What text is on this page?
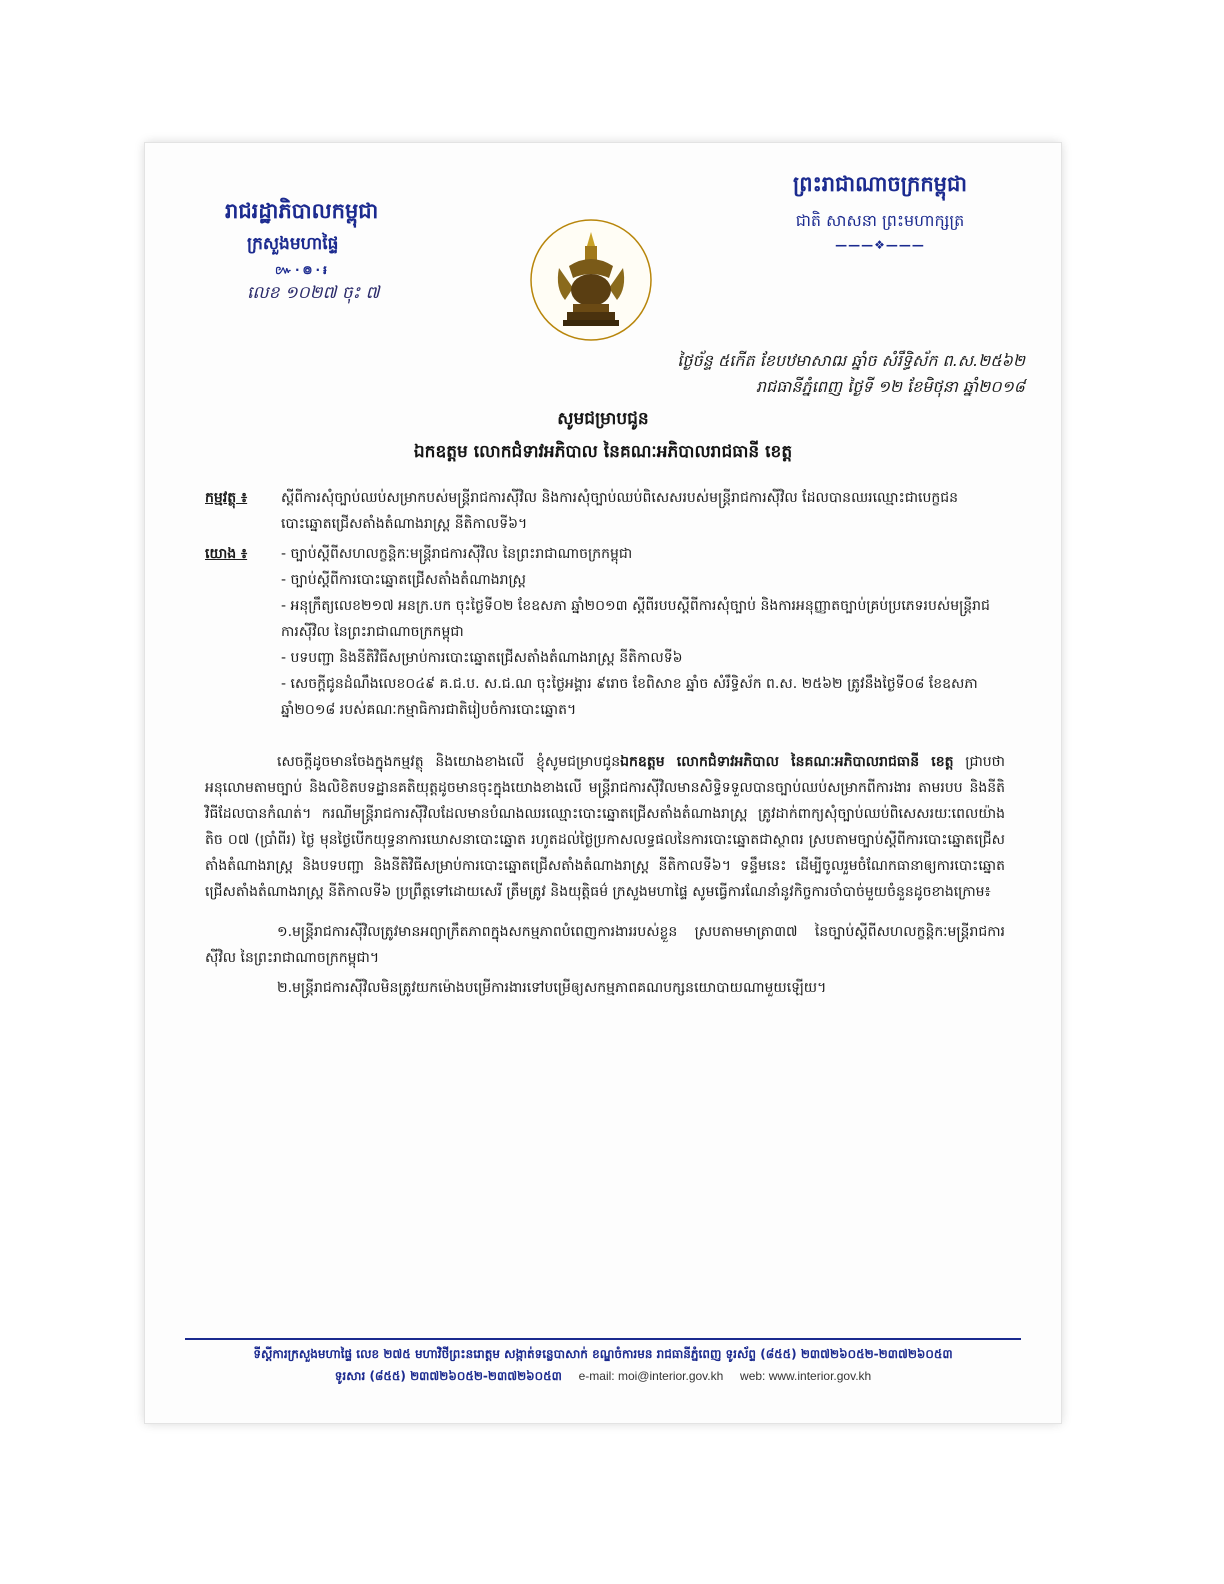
រាជរដ្ឋាភិបាលកម្ពុជា
ក្រសួងមហាផ្ទៃ
៚·៙·៛
លេខ ១០២៧ ចុះ ៧
ព្រះរាជាណាចក្រកម្ពុជា
ជាតិ សាសនា ព្រះមហាក្សត្រ
———❖———
ថ្ងៃច័ន្ទ ៥កើត ខែបឋមាសាឍ ឆ្នាំច សំរឹទ្ធិស័ក ព.ស.២៥៦២
រាជធានីភ្នំពេញ ថ្ងៃទី ១២ ខែមិថុនា ឆ្នាំ២០១៨
សូមជម្រាបជូន
ឯកឧត្តម លោកជំទាវអភិបាល នៃគណៈអភិបាលរាជធានី ខេត្ត
កម្មវត្ថុ ៖	ស្តីពីការសុំច្បាប់ឈប់សម្រាកបស់មន្ត្រីរាជការស៊ីវិល និងការសុំច្បាប់ឈប់ពិសេសរបស់មន្ត្រីរាជការស៊ីវិល ដែលបានឈរឈ្មោះជាបេក្ខជនបោះឆ្នោតជ្រើសតាំងតំណាងរាស្ត្រ នីតិកាលទី៦។
យោង ៖	- ច្បាប់ស្តីពីសហលក្ខន្តិកៈមន្ត្រីរាជការស៊ីវិល នៃព្រះរាជាណាចក្រកម្ពុជា
- ច្បាប់ស្តីពីការបោះឆ្នោតជ្រើសតាំងតំណាងរាស្ត្រ
- អនុក្រឹត្យលេខ២១៧ អនក្រ.បក ចុះថ្ងៃទី០២ ខែឧសភា ឆ្នាំ២០១៣ ស្តីពីរបបស្តីពីការសុំច្បាប់ និងការអនុញ្ញាតច្បាប់គ្រប់ប្រភេទរបស់មន្ត្រីរាជការស៊ីវិល នៃព្រះរាជាណាចក្រកម្ពុជា
- បទបញ្ជា និងនីតិវិធីសម្រាប់ការបោះឆ្នោតជ្រើសតាំងតំណាងរាស្ត្រ នីតិកាលទី៦
- សេចក្តីជូនដំណឹងលេខ០៤៩ គ.ជ.ប. ស.ជ.ណ ចុះថ្ងៃអង្គារ ៩រោច ខែពិសាខ ឆ្នាំច សំរឹទ្ធិស័ក ព.ស. ២៥៦២ ត្រូវនឹងថ្ងៃទី០៨ ខែឧសភា ឆ្នាំ២០១៨ របស់គណៈកម្មាធិការជាតិរៀបចំការបោះឆ្នោត។

សេចក្តីដូចមានចែងក្នុងកម្មវត្ថុ និងយោងខាងលើ ខ្ញុំសូមជម្រាបជូនឯកឧត្តម លោកជំទាវអភិបាល នៃគណៈអភិបាលរាជធានី ខេត្ត ជ្រាបថា អនុលោមតាមច្បាប់ និងលិខិតបទដ្ឋានគតិយុត្តដូចមានចុះក្នុងយោងខាងលើ មន្ត្រីរាជការស៊ីវិលមានសិទ្ធិទទួលបានច្បាប់ឈប់សម្រាកពីការងារ តាមរបប និងនីតិវិធីដែលបានកំណត់។ ករណីមន្ត្រីរាជការស៊ីវិលដែលមានបំណងឈរឈ្មោះបោះឆ្នោតជ្រើសតាំងតំណាងរាស្ត្រ ត្រូវដាក់ពាក្យសុំច្បាប់ឈប់ពិសេសរយៈពេលយ៉ាងតិច ០៧ (ប្រាំពីរ) ថ្ងៃ មុនថ្ងៃបើកយុទ្ធនាការឃោសនាបោះឆ្នោត រហូតដល់ថ្ងៃប្រកាសលទ្ធផលនៃការបោះឆ្នោតជាស្ថាពរ ស្របតាមច្បាប់ស្តីពីការបោះឆ្នោតជ្រើសតាំងតំណាងរាស្ត្រ និងបទបញ្ជា និងនីតិវិធីសម្រាប់ការបោះឆ្នោតជ្រើសតាំងតំណាងរាស្ត្រ នីតិកាលទី៦។ ទន្ទឹមនេះ ដើម្បីចូលរួមចំណែកធានាឲ្យការបោះឆ្នោតជ្រើសតាំងតំណាងរាស្ត្រ នីតិកាលទី៦ ប្រព្រឹត្តទៅដោយសេរី ត្រឹមត្រូវ និងយុត្តិធម៌ ក្រសួងមហាផ្ទៃ សូមធ្វើការណែនាំនូវកិច្ចការចាំបាច់មួយចំនួនដូចខាងក្រោម៖

១.មន្ត្រីរាជការស៊ីវិលត្រូវមានអព្យាក្រឹតភាពក្នុងសកម្មភាពបំពេញការងាររបស់ខ្លួន ស្របតាមមាត្រា៣៧ នៃច្បាប់ស្តីពីសហលក្ខន្តិកៈមន្ត្រីរាជការស៊ីវិល នៃព្រះរាជាណាចក្រកម្ពុជា។
២.មន្ត្រីរាជការស៊ីវិលមិនត្រូវយកម៉ោងបម្រើការងារទៅបម្រើឲ្យសកម្មភាពគណបក្សនយោបាយណាមួយឡើយ។
ទីស្តីការក្រសួងមហាផ្ទៃ លេខ ២៧៥ មហាវិថីព្រះនរោត្តម សង្កាត់ទន្លេបាសាក់ ខណ្ឌចំការមន រាជធានីភ្នំពេញ ទូរស័ព្ទ (៨៥៥) ២៣៧២៦០៥២-២៣៧២៦០៥៣
ទូរសារ (៨៥៥) ២៣៧២៦០៥២-២៣៧២៦០៥៣ e-mail: moi@interior.gov.kh web: www.interior.gov.kh
